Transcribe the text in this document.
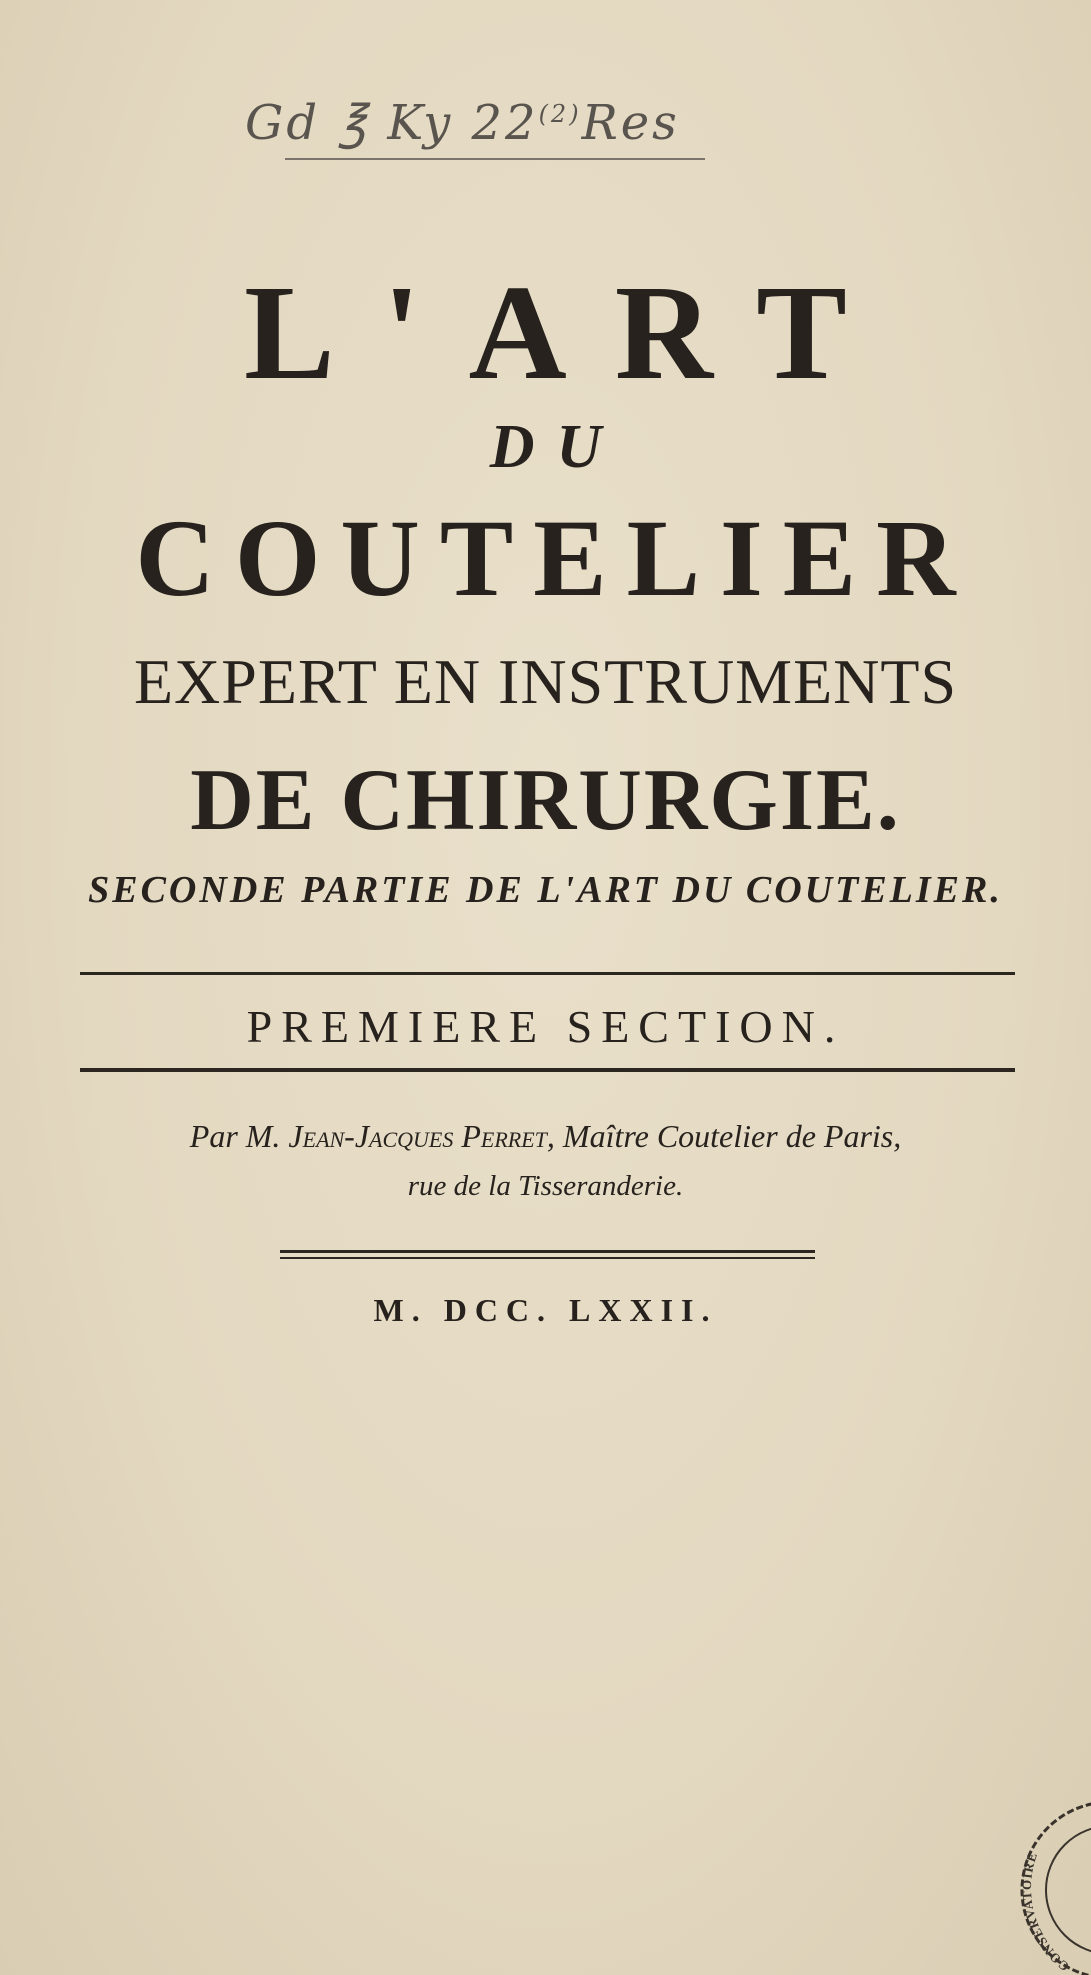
Gd ℥ Ky 22$^{(2)}$Res
L'ART
DU
COUTELIER
EXPERT EN INSTRUMENTS
DE CHIRURGIE.
SECONDE PARTIE DE L'ART DU COUTELIER.
PREMIERE SECTION.
Par M. Jean-Jacques Perret, Maître Coutelier de Paris,
rue de la Tisseranderie.
M. DCC. LXXII.
CONSERVATOIRE
